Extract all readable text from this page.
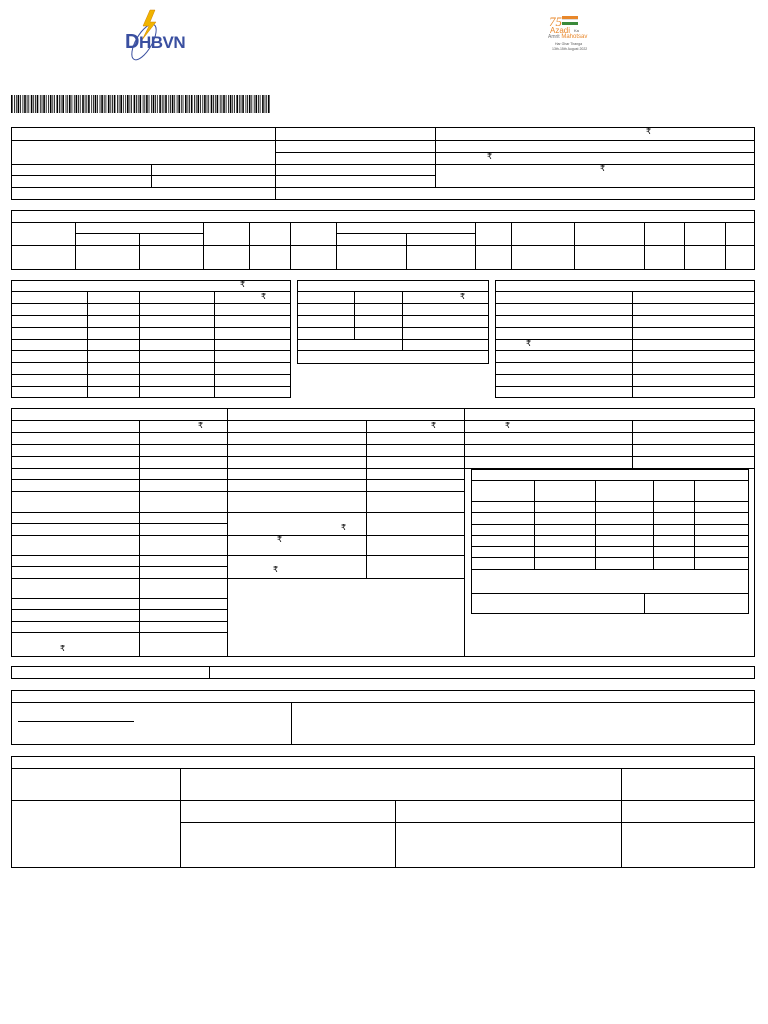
DHBVN
75
Azadi Ka
Amrit Mahotsav
Har Ghar Tiranga
13th-15th August 2022
₹
₹
₹
₹
₹	₹
₹
₹
₹
₹
₹
₹
₹
₹
